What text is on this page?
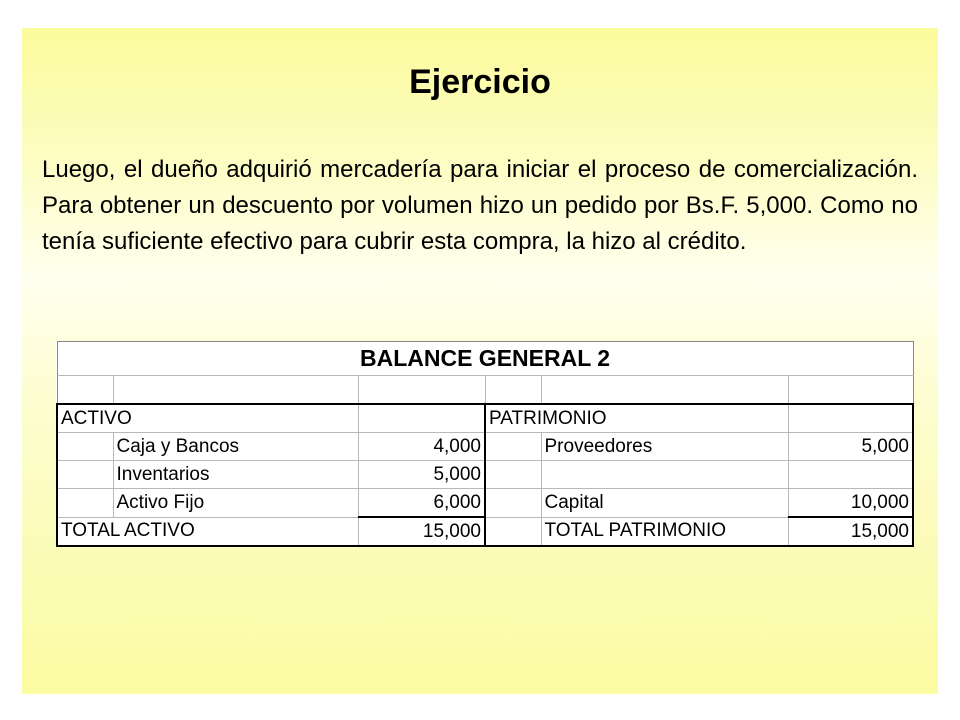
Ejercicio

Luego, el dueño adquirió mercadería para iniciar el proceso de comercialización. Para obtener un descuento por volumen hizo un pedido por Bs.F. 5,000. Como no tenía suficiente efectivo para cubrir esta compra, la hizo al crédito.

BALANCE GENERAL 2					

ACTIVO			PATRIMONIO		
	Caja y Bancos	4,000		Proveedores	5,000
	Inventarios	5,000			
	Activo Fijo	6,000		Capital	10,000
TOTAL ACTIVO		15,000		TOTAL PATRIMONIO	15,000
